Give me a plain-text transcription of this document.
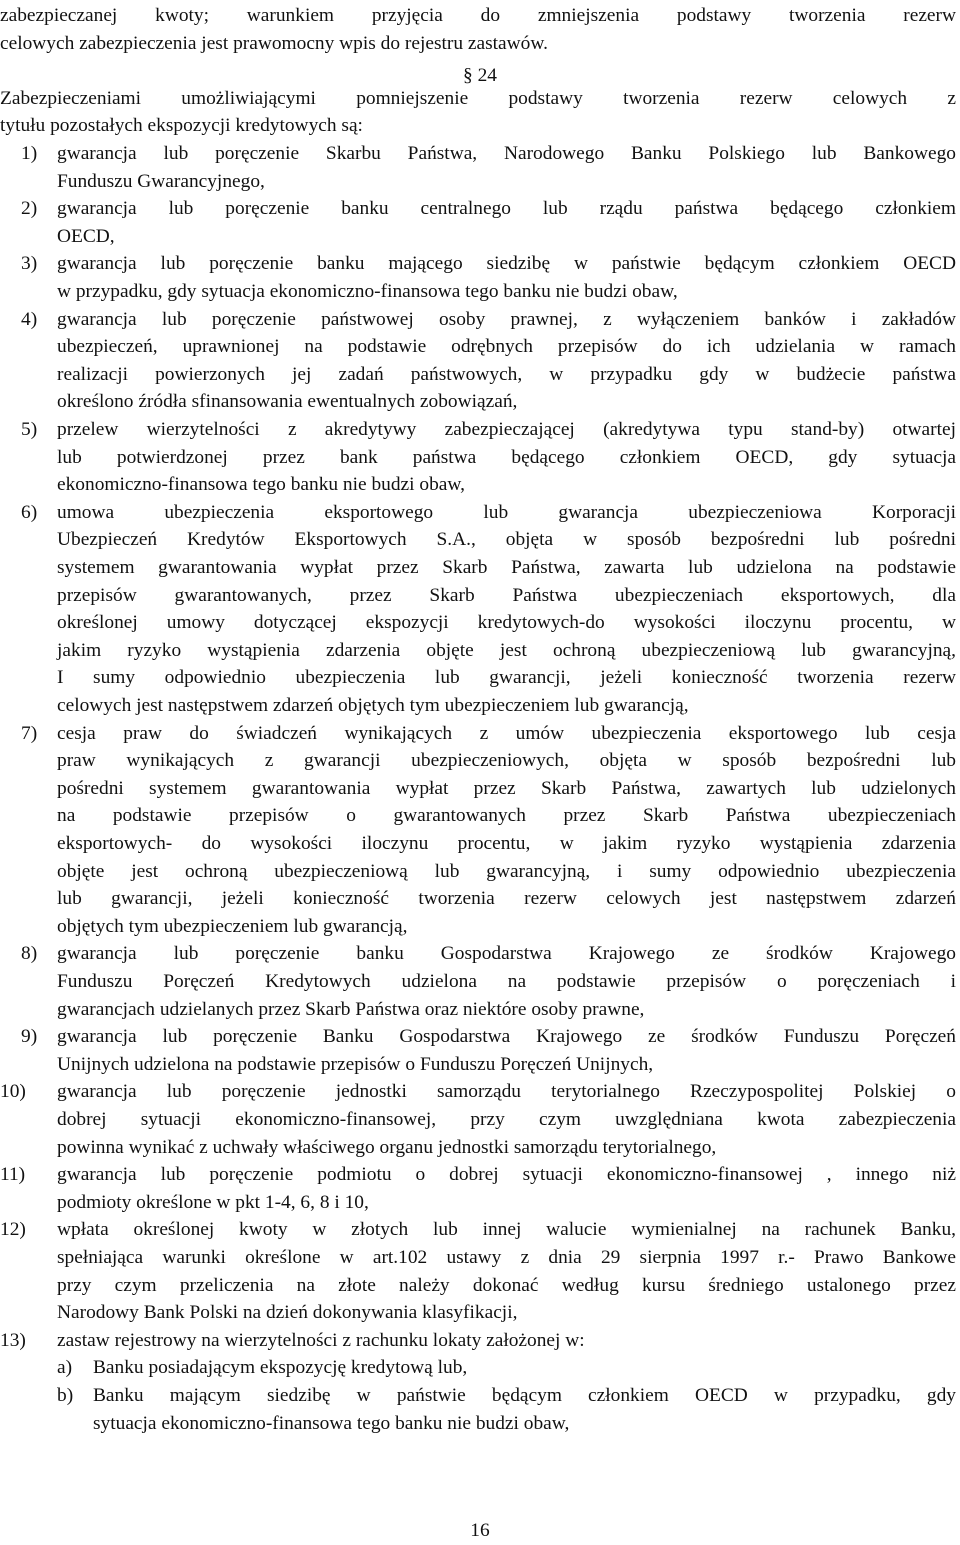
zabezpieczanej kwoty; warunkiem przyjęcia do zmniejszenia podstawy tworzenia rezerw
celowych zabezpieczenia jest prawomocny wpis do rejestru zastawów.
§ 24
Zabezpieczeniami umożliwiającymi pomniejszenie podstawy tworzenia rezerw celowych z
tytułu pozostałych ekspozycji kredytowych są:
1) gwarancja lub poręczenie Skarbu Państwa, Narodowego Banku Polskiego lub Bankowego
Funduszu Gwarancyjnego,
2) gwarancja lub poręczenie banku centralnego lub rządu państwa będącego członkiem
OECD,
3) gwarancja lub poręczenie banku mającego siedzibę w państwie będącym członkiem OECD
w przypadku, gdy sytuacja ekonomiczno-finansowa tego banku nie budzi obaw,
4) gwarancja lub poręczenie państwowej osoby prawnej, z wyłączeniem banków i zakładów
ubezpieczeń, uprawnionej na podstawie odrębnych przepisów do ich udzielania w ramach
realizacji powierzonych jej zadań państwowych, w przypadku gdy w budżecie państwa
określono źródła sfinansowania ewentualnych zobowiązań,
5) przelew wierzytelności z akredytywy zabezpieczającej (akredytywa typu stand-by) otwartej
lub potwierdzonej przez bank państwa będącego członkiem OECD, gdy sytuacja
ekonomiczno-finansowa tego banku nie budzi obaw,
6) umowa ubezpieczenia eksportowego lub gwarancja ubezpieczeniowa Korporacji
Ubezpieczeń Kredytów Eksportowych S.A., objęta w sposób bezpośredni lub pośredni
systemem gwarantowania wypłat przez Skarb Państwa, zawarta lub udzielona na podstawie
przepisów gwarantowanych, przez Skarb Państwa ubezpieczeniach eksportowych, dla
określonej umowy dotyczącej ekspozycji kredytowych-do wysokości iloczynu procentu, w
jakim ryzyko wystąpienia zdarzenia objęte jest ochroną ubezpieczeniową lub gwarancyjną,
I sumy odpowiednio ubezpieczenia lub gwarancji, jeżeli konieczność tworzenia rezerw
celowych jest następstwem zdarzeń objętych tym ubezpieczeniem lub gwarancją,
7) cesja praw do świadczeń wynikających z umów ubezpieczenia eksportowego lub cesja
praw wynikających z gwarancji ubezpieczeniowych, objęta w sposób bezpośredni lub
pośredni systemem gwarantowania wypłat przez Skarb Państwa, zawartych lub udzielonych
na podstawie przepisów o gwarantowanych przez Skarb Państwa ubezpieczeniach
eksportowych- do wysokości iloczynu procentu, w jakim ryzyko wystąpienia zdarzenia
objęte jest ochroną ubezpieczeniową lub gwarancyjną, i sumy odpowiednio ubezpieczenia
lub gwarancji, jeżeli konieczność tworzenia rezerw celowych jest następstwem zdarzeń
objętych tym ubezpieczeniem lub gwarancją,
8) gwarancja lub poręczenie banku Gospodarstwa Krajowego ze środków Krajowego
Funduszu Poręczeń Kredytowych udzielona na podstawie przepisów o poręczeniach i
gwarancjach udzielanych przez Skarb Państwa oraz niektóre osoby prawne,
9) gwarancja lub poręczenie Banku Gospodarstwa Krajowego ze środków Funduszu Poręczeń
Unijnych udzielona na podstawie przepisów o Funduszu Poręczeń Unijnych,
10) gwarancja lub poręczenie jednostki samorządu terytorialnego Rzeczypospolitej Polskiej o
dobrej sytuacji ekonomiczno-finansowej, przy czym uwzględniana kwota zabezpieczenia
powinna wynikać z uchwały właściwego organu jednostki samorządu terytorialnego,
11) gwarancja lub poręczenie podmiotu o dobrej sytuacji ekonomiczno-finansowej , innego niż
podmioty określone w pkt 1-4, 6, 8 i 10,
12) wpłata określonej kwoty w złotych lub innej walucie wymienialnej na rachunek Banku,
spełniająca warunki określone w art.102 ustawy z dnia 29 sierpnia 1997 r.- Prawo Bankowe
przy czym przeliczenia na złote należy dokonać według kursu średniego ustalonego przez
Narodowy Bank Polski na dzień dokonywania klasyfikacji,
13) zastaw rejestrowy na wierzytelności z rachunku lokaty założonej w:
a) Banku posiadającym ekspozycję kredytową lub,
b) Banku mającym siedzibę w państwie będącym członkiem OECD w przypadku, gdy
sytuacja ekonomiczno-finansowa tego banku nie budzi obaw,
16
